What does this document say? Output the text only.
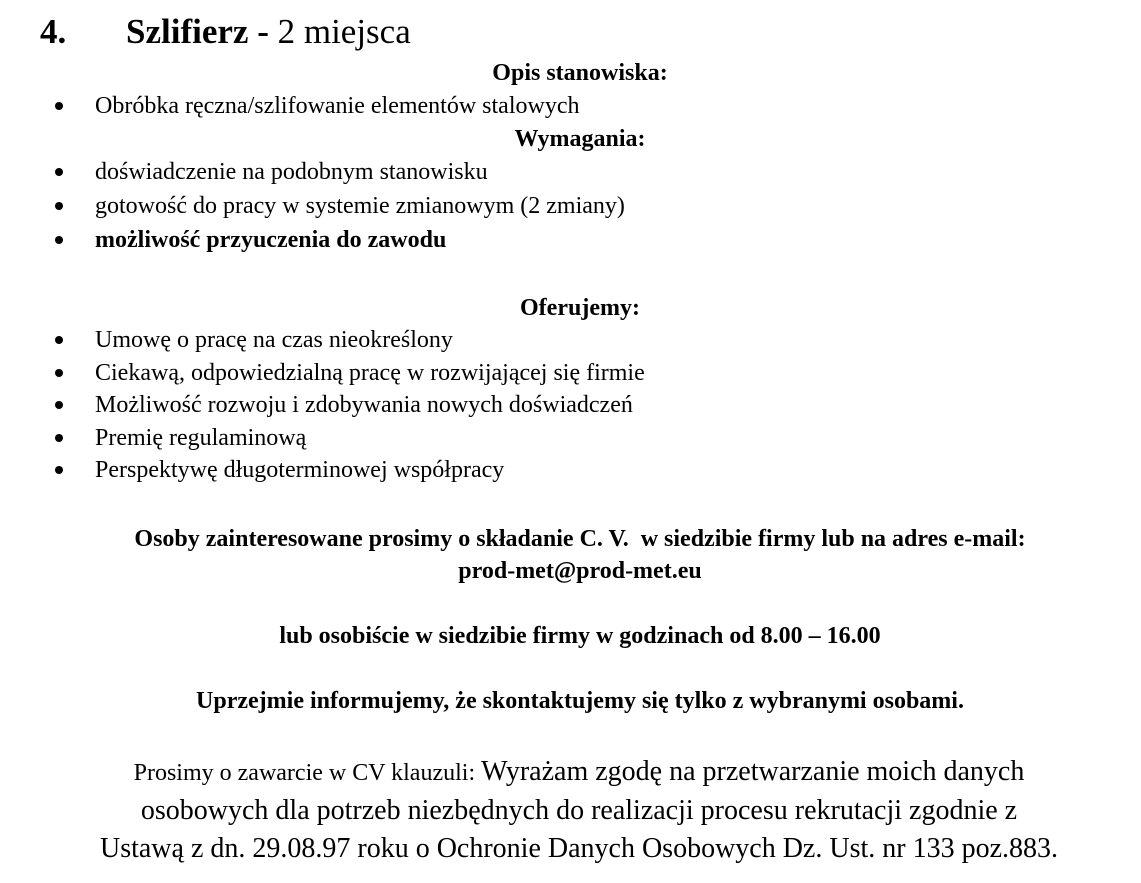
4. Szlifierz - 2 miejsca
Opis stanowiska:
Obróbka ręczna/szlifowanie elementów stalowych
Wymagania:
doświadczenie na podobnym stanowisku
gotowość do pracy w systemie zmianowym (2 zmiany)
możliwość przyuczenia do zawodu
Oferujemy:
Umowę o pracę na czas nieokreślony
Ciekawą, odpowiedzialną pracę w rozwijającej się firmie
Możliwość rozwoju i zdobywania nowych doświadczeń
Premię regulaminową
Perspektywę długoterminowej współpracy
Osoby zainteresowane prosimy o składanie C. V.  w siedzibie firmy lub na adres e-mail:
prod-met@prod-met.eu
lub osobiście w siedzibie firmy w godzinach od 8.00 – 16.00
Uprzejmie informujemy, że skontaktujemy się tylko z wybranymi osobami.
Prosimy o zawarcie w CV klauzuli: Wyrażam zgodę na przetwarzanie moich danych
osobowych dla potrzeb niezbędnych do realizacji procesu rekrutacji zgodnie z
Ustawą z dn. 29.08.97 roku o Ochronie Danych Osobowych Dz. Ust. nr 133 poz.883.
